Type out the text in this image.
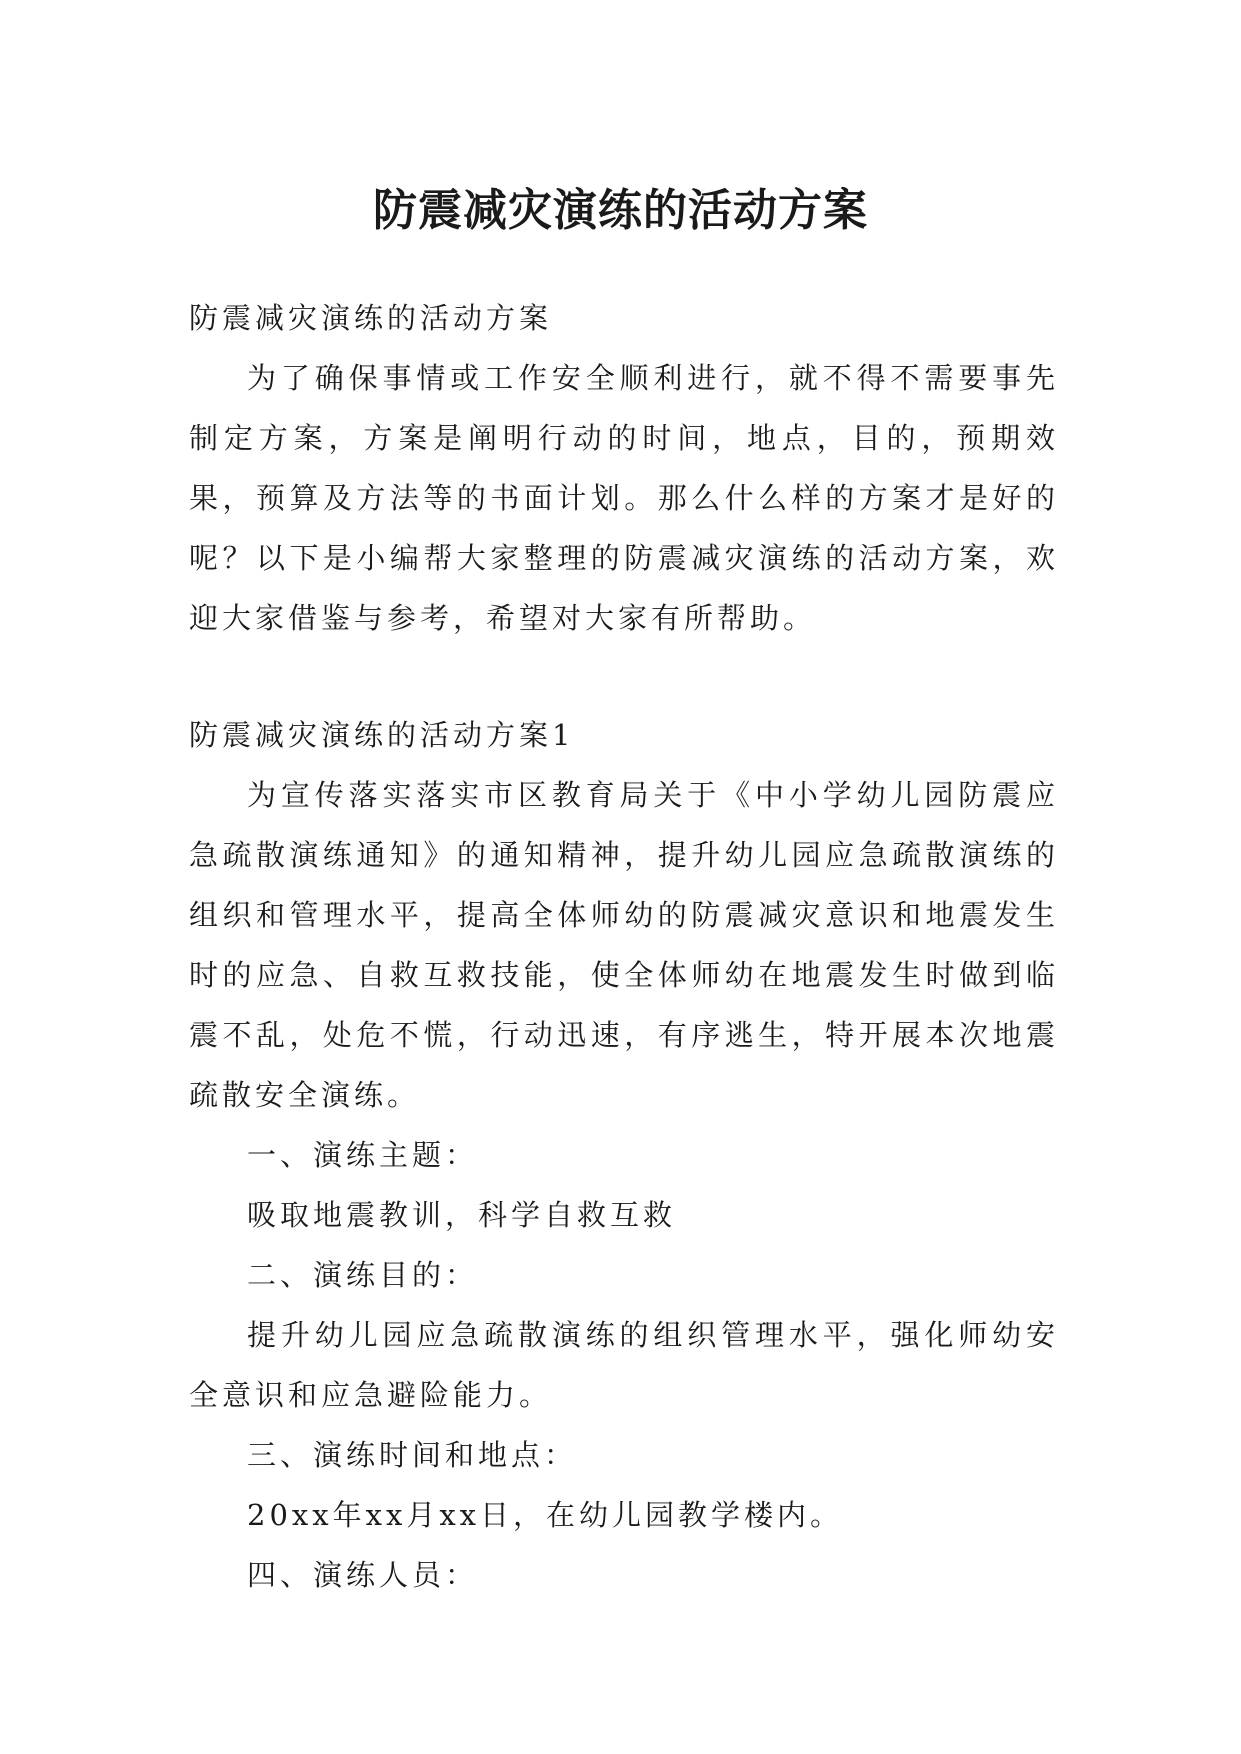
防震减灾演练的活动方案

防震减灾演练的活动方案

为了确保事情或工作安全顺利进行，就不得不需要事先制定方案，方案是阐明行动的时间，地点，目的，预期效果，预算及方法等的书面计划。那么什么样的方案才是好的呢？以下是小编帮大家整理的防震减灾演练的活动方案，欢迎大家借鉴与参考，希望对大家有所帮助。

防震减灾演练的活动方案1

为宣传落实落实市区教育局关于《中小学幼儿园防震应急疏散演练通知》的通知精神，提升幼儿园应急疏散演练的组织和管理水平，提高全体师幼的防震减灾意识和地震发生时的应急、自救互救技能，使全体师幼在地震发生时做到临震不乱，处危不慌，行动迅速，有序逃生，特开展本次地震疏散安全演练。

一、演练主题：

吸取地震教训，科学自救互救

二、演练目的：

提升幼儿园应急疏散演练的组织管理水平，强化师幼安全意识和应急避险能力。

三、演练时间和地点：

20xx年xx月xx日，在幼儿园教学楼内。

四、演练人员：
